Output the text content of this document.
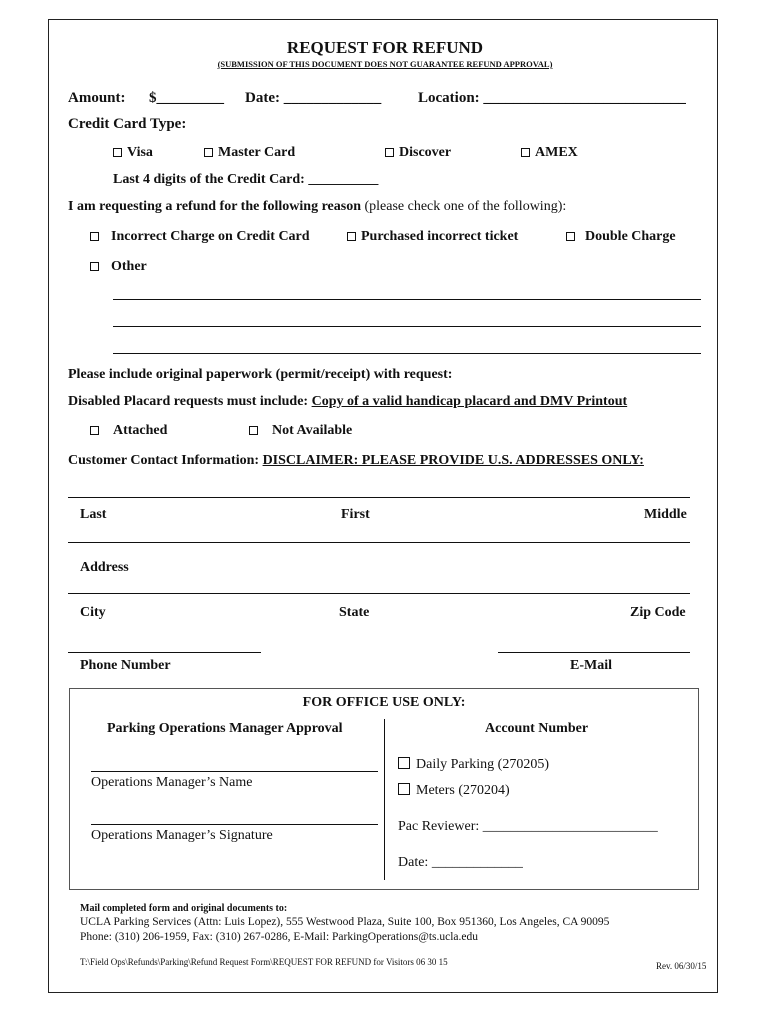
REQUEST FOR REFUND
(SUBMISSION OF THIS DOCUMENT DOES NOT GUARANTEE REFUND APPROVAL)
Amount: $_________ Date: _____________ Location: ___________________________
Credit Card Type:
Visa	Master Card	Discover	AMEX
Last 4 digits of the Credit Card: __________
I am requesting a refund for the following reason (please check one of the following):
Incorrect Charge on Credit Card	Purchased incorrect ticket	Double Charge
Other
Please include original paperwork (permit/receipt) with request:
Disabled Placard requests must include: Copy of a valid handicap placard and DMV Printout
Attached	Not Available
Customer Contact Information: DISCLAIMER: PLEASE PROVIDE U.S. ADDRESSES ONLY:
Last	First	Middle
Address
City	State	Zip Code
Phone Number	E-Mail
FOR OFFICE USE ONLY:
Parking Operations Manager Approval	Account Number
Operations Manager’s Name
Operations Manager’s Signature
Daily Parking (270205)
Meters (270204)
Pac Reviewer: _________________________
Date: _____________
Mail completed form and original documents to:
UCLA Parking Services (Attn: Luis Lopez), 555 Westwood Plaza, Suite 100, Box 951360, Los Angeles, CA 90095
Phone: (310) 206-1959, Fax: (310) 267-0286, E-Mail: ParkingOperations@ts.ucla.edu
T:\Field Ops\Refunds\Parking\Refund Request Form\REQUEST FOR REFUND for Visitors 06 30 15	Rev. 06/30/15
